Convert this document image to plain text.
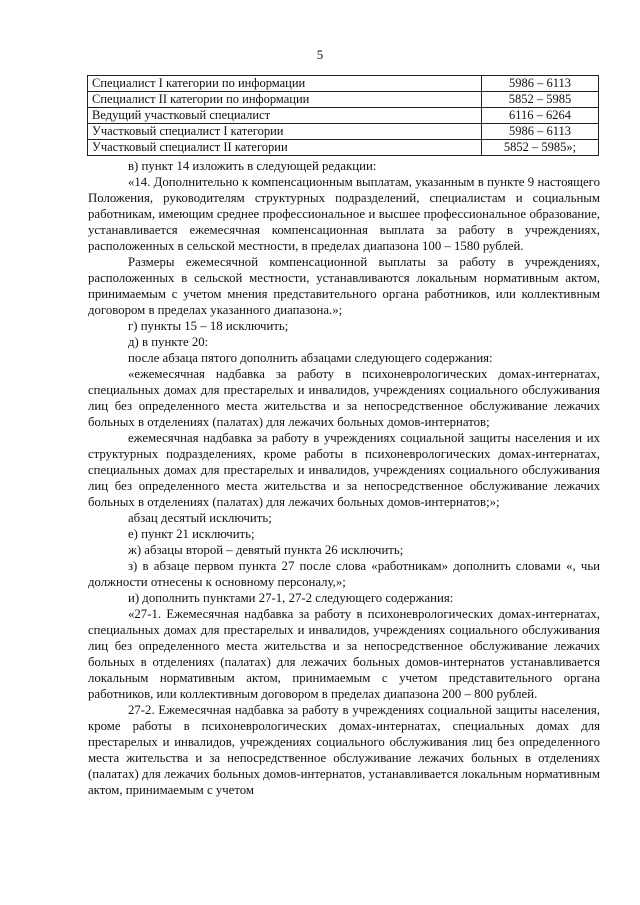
5
Специалист I категории по информации	5986 – 6113
Специалист II категории по информации	5852 – 5985
Ведущий участковый специалист	6116 – 6264
Участковый специалист I категории	5986 – 6113
Участковый специалист II категории	5852 – 5985»;

в) пункт 14 изложить в следующей редакции:

«14. Дополнительно к компенсационным выплатам, указанным в пункте 9 настоящего Положения, руководителям структурных подразделений, специалистам и социальным работникам, имеющим среднее профессиональное и высшее профессиональное образование, устанавливается ежемесячная компенсационная выплата за работу в учреждениях, расположенных в сельской местности, в пределах диапазона 100 – 1580 рублей.

Размеры ежемесячной компенсационной выплаты за работу в учреждениях, расположенных в сельской местности, устанавливаются локальным нормативным актом, принимаемым с учетом мнения представительного органа работников, или коллективным договором в пределах указанного диапазона.»;

г) пункты 15 – 18 исключить;

д) в пункте 20:

после абзаца пятого дополнить абзацами следующего содержания:

«ежемесячная надбавка за работу в психоневрологических домах-интернатах, специальных домах для престарелых и инвалидов, учреждениях социального обслуживания лиц без определенного места жительства и за непосредственное обслуживание лежачих больных в отделениях (палатах) для лежачих больных домов-интернатов;

ежемесячная надбавка за работу в учреждениях социальной защиты населения и их структурных подразделениях, кроме работы в психоневрологических домах-интернатах, специальных домах для престарелых и инвалидов, учреждениях социального обслуживания лиц без определенного места жительства и за непосредственное обслуживание лежачих больных в отделениях (палатах) для лежачих больных домов-интернатов;»;

абзац десятый исключить;

е) пункт 21 исключить;

ж) абзацы второй – девятый пункта 26 исключить;

з) в абзаце первом пункта 27 после слова «работникам» дополнить словами «, чьи должности отнесены к основному персоналу,»;

и) дополнить пунктами 27-1, 27-2 следующего содержания:

«27-1. Ежемесячная надбавка за работу в психоневрологических домах-интернатах, специальных домах для престарелых и инвалидов, учреждениях социального обслуживания лиц без определенного места жительства и за непосредственное обслуживание лежачих больных в отделениях (палатах) для лежачих больных домов-интернатов устанавливается локальным нормативным актом, принимаемым с учетом представительного органа работников, или коллективным договором в пределах диапазона 200 – 800 рублей.

27-2. Ежемесячная надбавка за работу в учреждениях социальной защиты населения, кроме работы в психоневрологических домах-интернатах, специальных домах для престарелых и инвалидов, учреждениях социального обслуживания лиц без определенного места жительства и за непосредственное обслуживание лежачих больных в отделениях (палатах) для лежачих больных домов-интернатов, устанавливается локальным нормативным актом, принимаемым с учетом
